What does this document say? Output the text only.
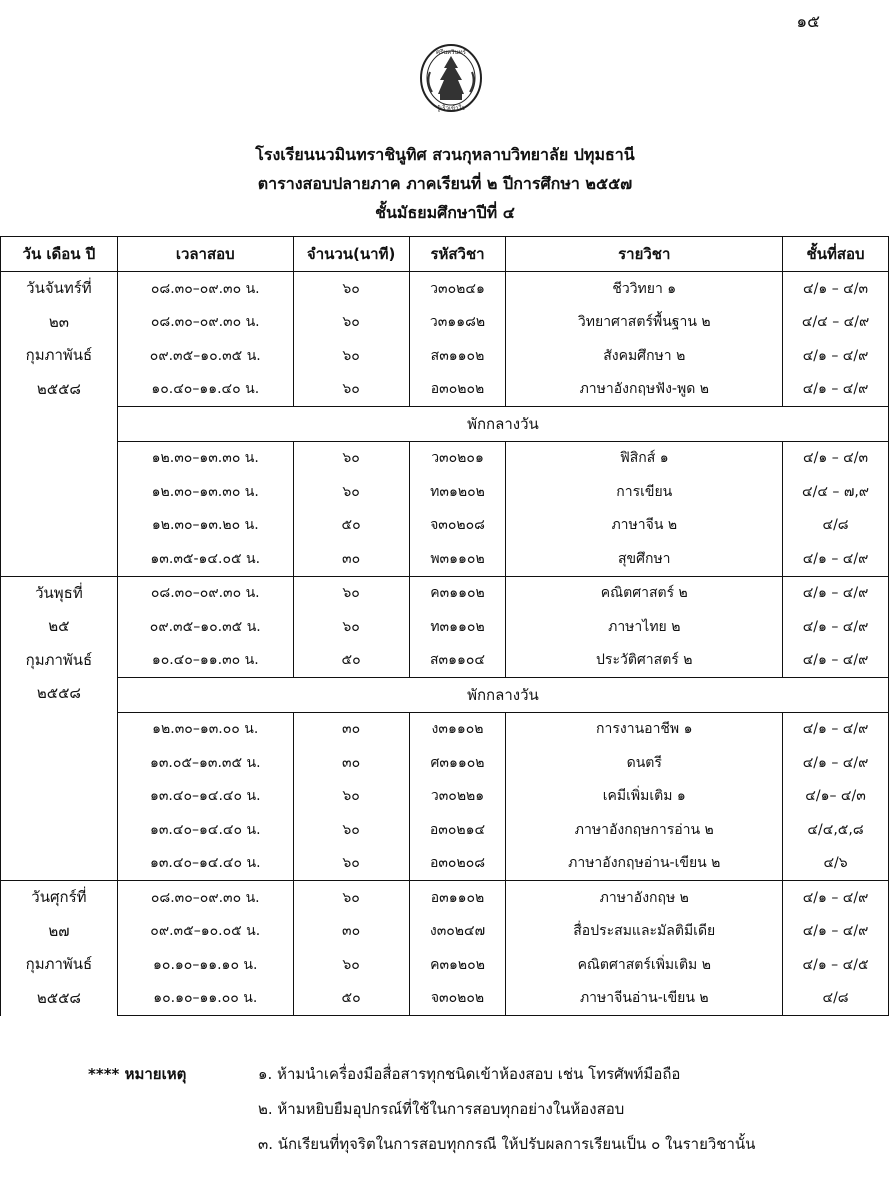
๑๕
ศรีนครินทร์
รู้เร็วเข้าใจ
โรงเรียนนวมินทราชินูทิศ สวนกุหลาบวิทยาลัย ปทุมธานี
ตารางสอบปลายภาค ภาคเรียนที่ ๒ ปีการศึกษา ๒๕๕๗
ชั้นมัธยมศึกษาปีที่ ๔
วัน เดือน ปี	เวลาสอบ	จำนวน(นาที)	รหัสวิชา	รายวิชา	ชั้นที่สอบ

วันจันทร์ที่
๒๓
กุมภาพันธ์
๒๕๕๘	๐๘.๓๐–๐๙.๓๐ น.	๖๐	ว๓๐๒๔๑	ชีววิทยา ๑	๔/๑ – ๔/๓
	๐๘.๓๐–๐๙.๓๐ น.	๖๐	ว๓๑๑๘๒	วิทยาศาสตร์พื้นฐาน ๒	๔/๔ – ๔/๙
	๐๙.๓๕–๑๐.๓๕ น.	๖๐	ส๓๑๑๐๒	สังคมศึกษา ๒	๔/๑ – ๔/๙
	๑๐.๔๐–๑๑.๔๐ น.	๖๐	อ๓๐๒๐๒	ภาษาอังกฤษฟัง-พูด ๒	๔/๑ – ๔/๙
	พักกลางวัน				
	๑๒.๓๐–๑๓.๓๐ น.	๖๐	ว๓๐๒๐๑	ฟิสิกส์ ๑	๔/๑ – ๔/๓
	๑๒.๓๐–๑๓.๓๐ น.	๖๐	ท๓๑๒๐๒	การเขียน	๔/๔ – ๗,๙
	๑๒.๓๐–๑๓.๒๐ น.	๕๐	จ๓๐๒๐๘	ภาษาจีน ๒	๔/๘
	๑๓.๓๕-๑๔.๐๕ น.	๓๐	พ๓๑๑๐๒	สุขศึกษา	๔/๑ – ๔/๙

วันพุธที่
๒๕
กุมภาพันธ์
๒๕๕๘	๐๘.๓๐–๐๙.๓๐ น.	๖๐	ค๓๑๑๐๒	คณิตศาสตร์ ๒	๔/๑ – ๔/๙
	๐๙.๓๕–๑๐.๓๕ น.	๖๐	ท๓๑๑๐๒	ภาษาไทย ๒	๔/๑ – ๔/๙
	๑๐.๔๐–๑๑.๓๐ น.	๕๐	ส๓๑๑๐๔	ประวัติศาสตร์ ๒	๔/๑ – ๔/๙
	พักกลางวัน				
	๑๒.๓๐–๑๓.๐๐ น.	๓๐	ง๓๑๑๐๒	การงานอาชีพ ๑	๔/๑ – ๔/๙
	๑๓.๐๕–๑๓.๓๕ น.	๓๐	ศ๓๑๑๐๒	ดนตรี	๔/๑ – ๔/๙
	๑๓.๔๐–๑๔.๔๐ น.	๖๐	ว๓๐๒๒๑	เคมีเพิ่มเติม ๑	๔/๑– ๔/๓
	๑๓.๔๐–๑๔.๔๐ น.	๖๐	อ๓๐๒๑๔	ภาษาอังกฤษการอ่าน ๒	๔/๔,๕,๘
	๑๓.๔๐–๑๔.๔๐ น.	๖๐	อ๓๐๒๐๘	ภาษาอังกฤษอ่าน-เขียน ๒	๔/๖

วันศุกร์ที่
๒๗
กุมภาพันธ์
๒๕๕๘	๐๘.๓๐–๐๙.๓๐ น.	๖๐	อ๓๑๑๐๒	ภาษาอังกฤษ ๒	๔/๑ – ๔/๙
	๐๙.๓๕–๑๐.๐๕ น.	๓๐	ง๓๐๒๔๗	สื่อประสมและมัลติมีเดีย	๔/๑ – ๔/๙
	๑๐.๑๐–๑๑.๑๐ น.	๖๐	ค๓๑๒๐๒	คณิตศาสตร์เพิ่มเติม ๒	๔/๑ – ๔/๕
	๑๐.๑๐–๑๑.๐๐ น.	๕๐	จ๓๐๒๐๒	ภาษาจีนอ่าน-เขียน ๒	๔/๘
**** หมายเหตุ	๑. ห้ามนำเครื่องมือสื่อสารทุกชนิดเข้าห้องสอบ เช่น โทรศัพท์มือถือ
๒. ห้ามหยิบยืมอุปกรณ์ที่ใช้ในการสอบทุกอย่างในห้องสอบ
๓. นักเรียนที่ทุจริตในการสอบทุกกรณี ให้ปรับผลการเรียนเป็น ๐ ในรายวิชานั้น
